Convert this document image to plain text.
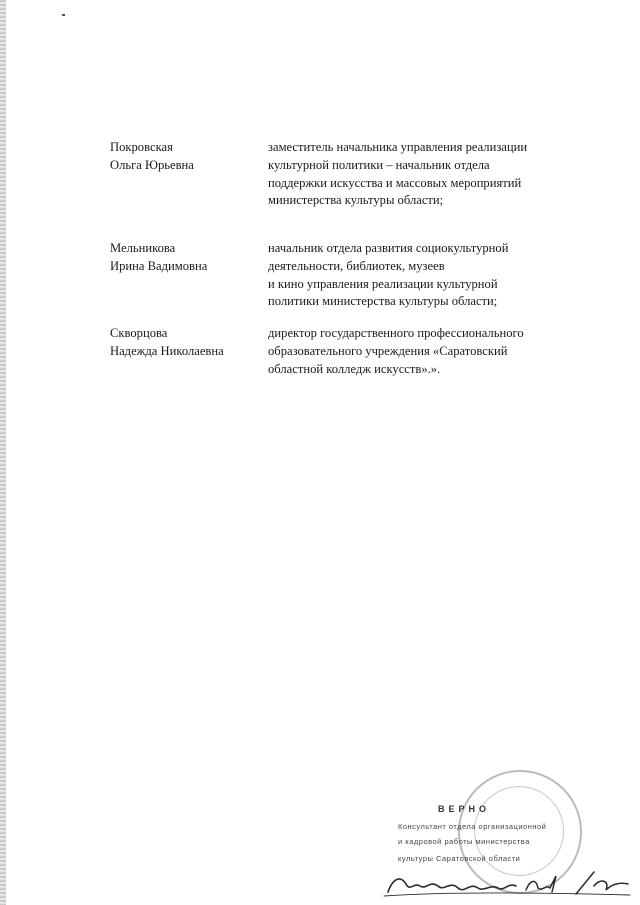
Покровская
Ольга Юрьевна
заместитель начальника управления реализации
культурной политики – начальник отдела
поддержки искусства и массовых мероприятий
министерства культуры области;
Мельникова
Ирина Вадимовна
начальник отдела развития социокультурной
деятельности, библиотек, музеев
и кино управления реализации культурной
политики министерства культуры области;
Скворцова
Надежда Николаевна
директор государственного профессионального
образовательного учреждения «Саратовский
областной колледж искусств».».
ВЕРНО
Консультант отдела организационной
и кадровой работы министерства
культуры Саратовской области
